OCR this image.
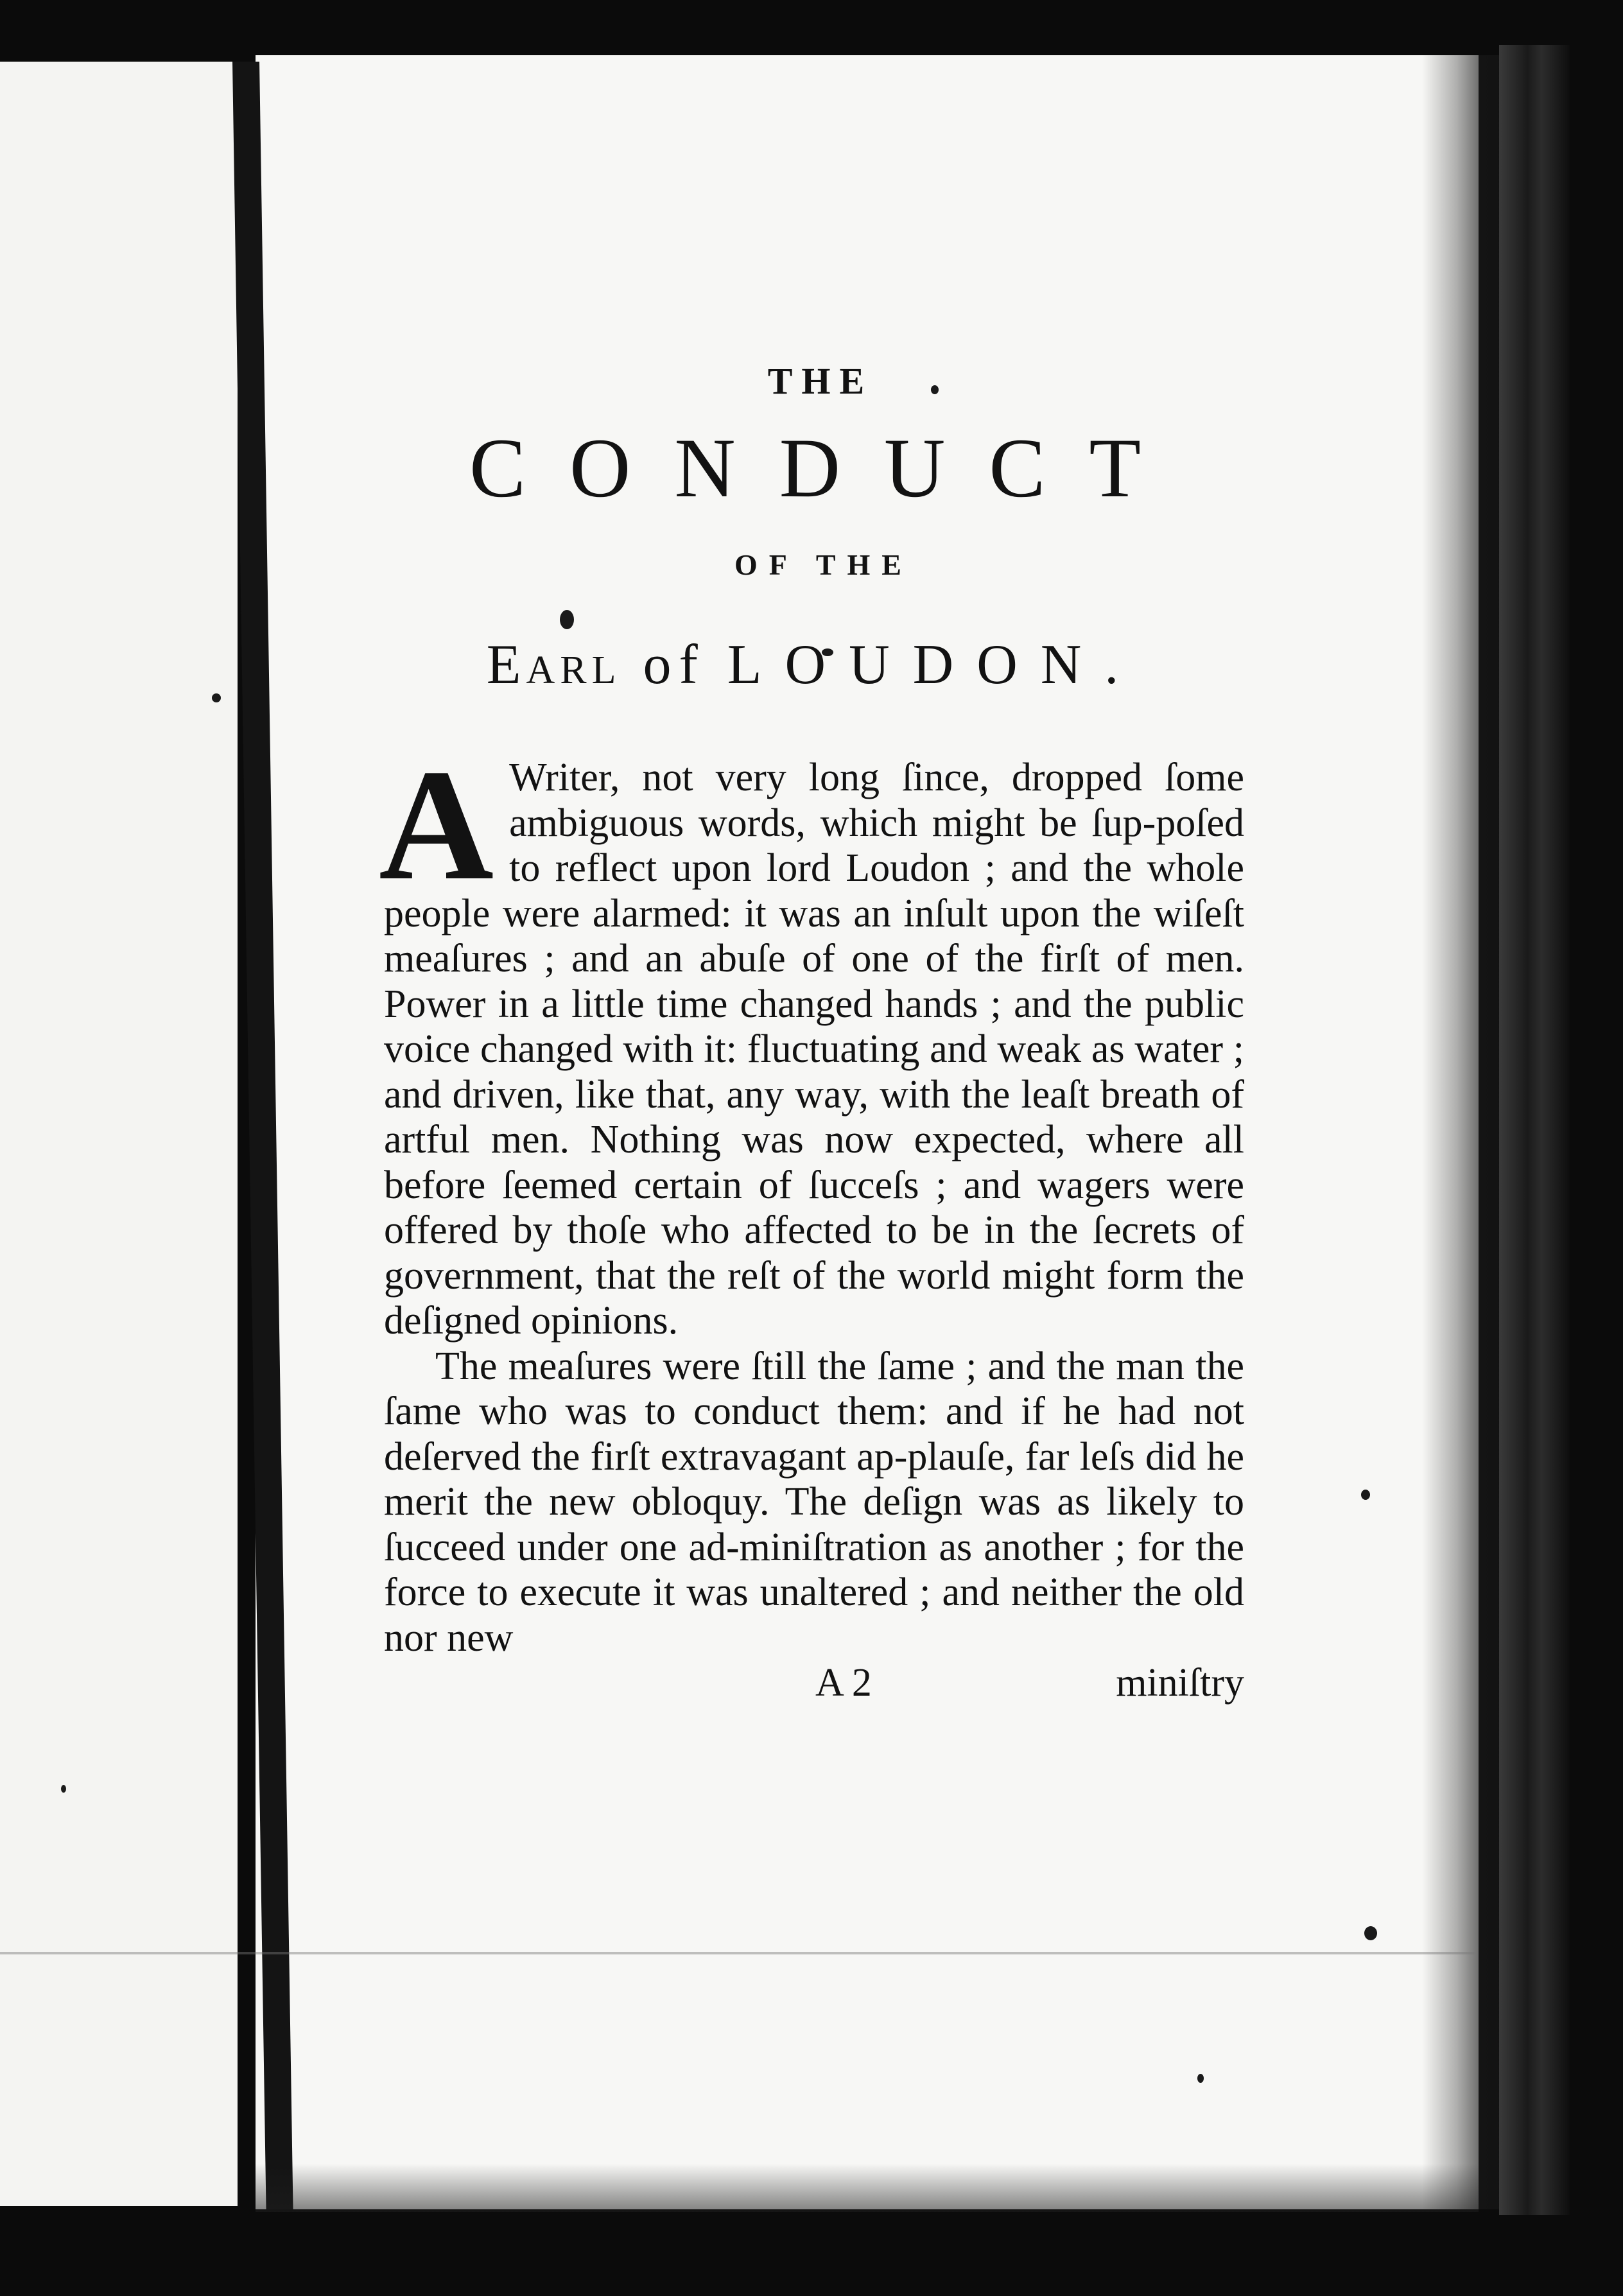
THE
CONDUCT
OF THE
Earl of LOUDON.

A Writer, not very long ſince, dropped ſome ambiguous words, which might be ſup-poſed to reflect upon lord Loudon ; and the whole people were alarmed: it was an inſult upon the wiſeſt meaſures ; and an abuſe of one of the firſt of men. Power in a little time changed hands ; and the public voice changed with it: fluctuating and weak as water ; and driven, like that, any way, with the leaſt breath of artful men. Nothing was now expected, where all before ſeemed certain of ſucceſs ; and wagers were offered by thoſe who affected to be in the ſecrets of government, that the reſt of the world might form the deſigned opinions.

The meaſures were ſtill the ſame ; and the man the ſame who was to conduct them: and if he had not deſerved the firſt extravagant ap-plauſe, far leſs did he merit the new obloquy. The deſign was as likely to ſucceed under one ad-miniſtration as another ; for the force to execute it was unaltered ; and neither the old nor new

A 2	miniſtry
